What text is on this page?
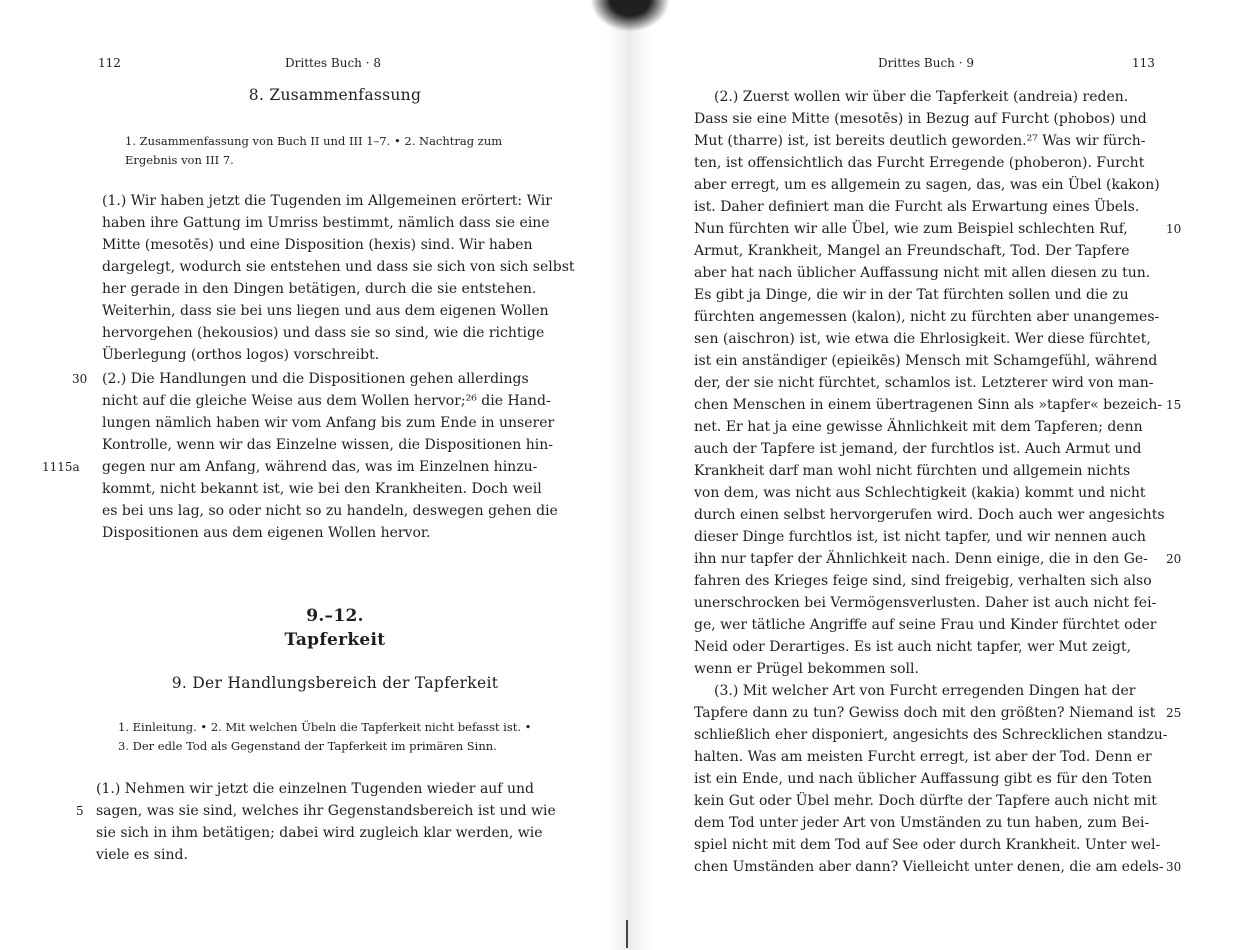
112	Drittes Buch · 8
8. Zusammenfassung
1. Zusammenfassung von Buch II und III 1–7. • 2. Nachtrag zum
Ergebnis von III 7.
(1.) Wir haben jetzt die Tugenden im Allgemeinen erörtert: Wir
haben ihre Gattung im Umriss bestimmt, nämlich dass sie eine
Mitte (mesotēs) und eine Disposition (hexis) sind. Wir haben
dargelegt, wodurch sie entstehen und dass sie sich von sich selbst
her gerade in den Dingen betätigen, durch die sie entstehen.
Weiterhin, dass sie bei uns liegen und aus dem eigenen Wollen
hervorgehen (hekousios) und dass sie so sind, wie die richtige
Überlegung (orthos logos) vorschreibt.
30
1115a
(2.) Die Handlungen und die Dispositionen gehen allerdings
nicht auf die gleiche Weise aus dem Wollen hervor;²⁶ die Hand-
lungen nämlich haben wir vom Anfang bis zum Ende in unserer
Kontrolle, wenn wir das Einzelne wissen, die Dispositionen hin-
gegen nur am Anfang, während das, was im Einzelnen hinzu-
kommt, nicht bekannt ist, wie bei den Krankheiten. Doch weil
es bei uns lag, so oder nicht so zu handeln, deswegen gehen die
Dispositionen aus dem eigenen Wollen hervor.
9.–12.
Tapferkeit
9. Der Handlungsbereich der Tapferkeit
1. Einleitung. • 2. Mit welchen Übeln die Tapferkeit nicht befasst ist. •
3. Der edle Tod als Gegenstand der Tapferkeit im primären Sinn.
5
(1.) Nehmen wir jetzt die einzelnen Tugenden wieder auf und
sagen, was sie sind, welches ihr Gegenstandsbereich ist und wie
sie sich in ihm betätigen; dabei wird zugleich klar werden, wie
viele es sind.
Drittes Buch · 9	113
(2.) Zuerst wollen wir über die Tapferkeit (andreia) reden.
Dass sie eine Mitte (mesotēs) in Bezug auf Furcht (phobos) und
Mut (tharre) ist, ist bereits deutlich geworden.²⁷ Was wir fürch-
ten, ist offensichtlich das Furcht Erregende (phoberon). Furcht
aber erregt, um es allgemein zu sagen, das, was ein Übel (kakon)
ist. Daher definiert man die Furcht als Erwartung eines Übels.
Nun fürchten wir alle Übel, wie zum Beispiel schlechten Ruf,
Armut, Krankheit, Mangel an Freundschaft, Tod. Der Tapfere
aber hat nach üblicher Auffassung nicht mit allen diesen zu tun.
Es gibt ja Dinge, die wir in der Tat fürchten sollen und die zu
fürchten angemessen (kalon), nicht zu fürchten aber unangemes-
sen (aischron) ist, wie etwa die Ehrlosigkeit. Wer diese fürchtet,
ist ein anständiger (epieikēs) Mensch mit Schamgefühl, während
der, der sie nicht fürchtet, schamlos ist. Letzterer wird von man-
chen Menschen in einem übertragenen Sinn als »tapfer« bezeich-
net. Er hat ja eine gewisse Ähnlichkeit mit dem Tapferen; denn
auch der Tapfere ist jemand, der furchtlos ist. Auch Armut und
Krankheit darf man wohl nicht fürchten und allgemein nichts
von dem, was nicht aus Schlechtigkeit (kakia) kommt und nicht
durch einen selbst hervorgerufen wird. Doch auch wer angesichts
dieser Dinge furchtlos ist, ist nicht tapfer, und wir nennen auch
ihn nur tapfer der Ähnlichkeit nach. Denn einige, die in den Ge-
fahren des Krieges feige sind, sind freigebig, verhalten sich also
unerschrocken bei Vermögensverlusten. Daher ist auch nicht fei-
ge, wer tätliche Angriffe auf seine Frau und Kinder fürchtet oder
Neid oder Derartiges. Es ist auch nicht tapfer, wer Mut zeigt,
wenn er Prügel bekommen soll.
(3.) Mit welcher Art von Furcht erregenden Dingen hat der
Tapfere dann zu tun? Gewiss doch mit den größten? Niemand ist
schließlich eher disponiert, angesichts des Schrecklichen standzu-
halten. Was am meisten Furcht erregt, ist aber der Tod. Denn er
ist ein Ende, und nach üblicher Auffassung gibt es für den Toten
kein Gut oder Übel mehr. Doch dürfte der Tapfere auch nicht mit
dem Tod unter jeder Art von Umständen zu tun haben, zum Bei-
spiel nicht mit dem Tod auf See oder durch Krankheit. Unter wel-
chen Umständen aber dann? Vielleicht unter denen, die am edels-
10
15
20
25
30
